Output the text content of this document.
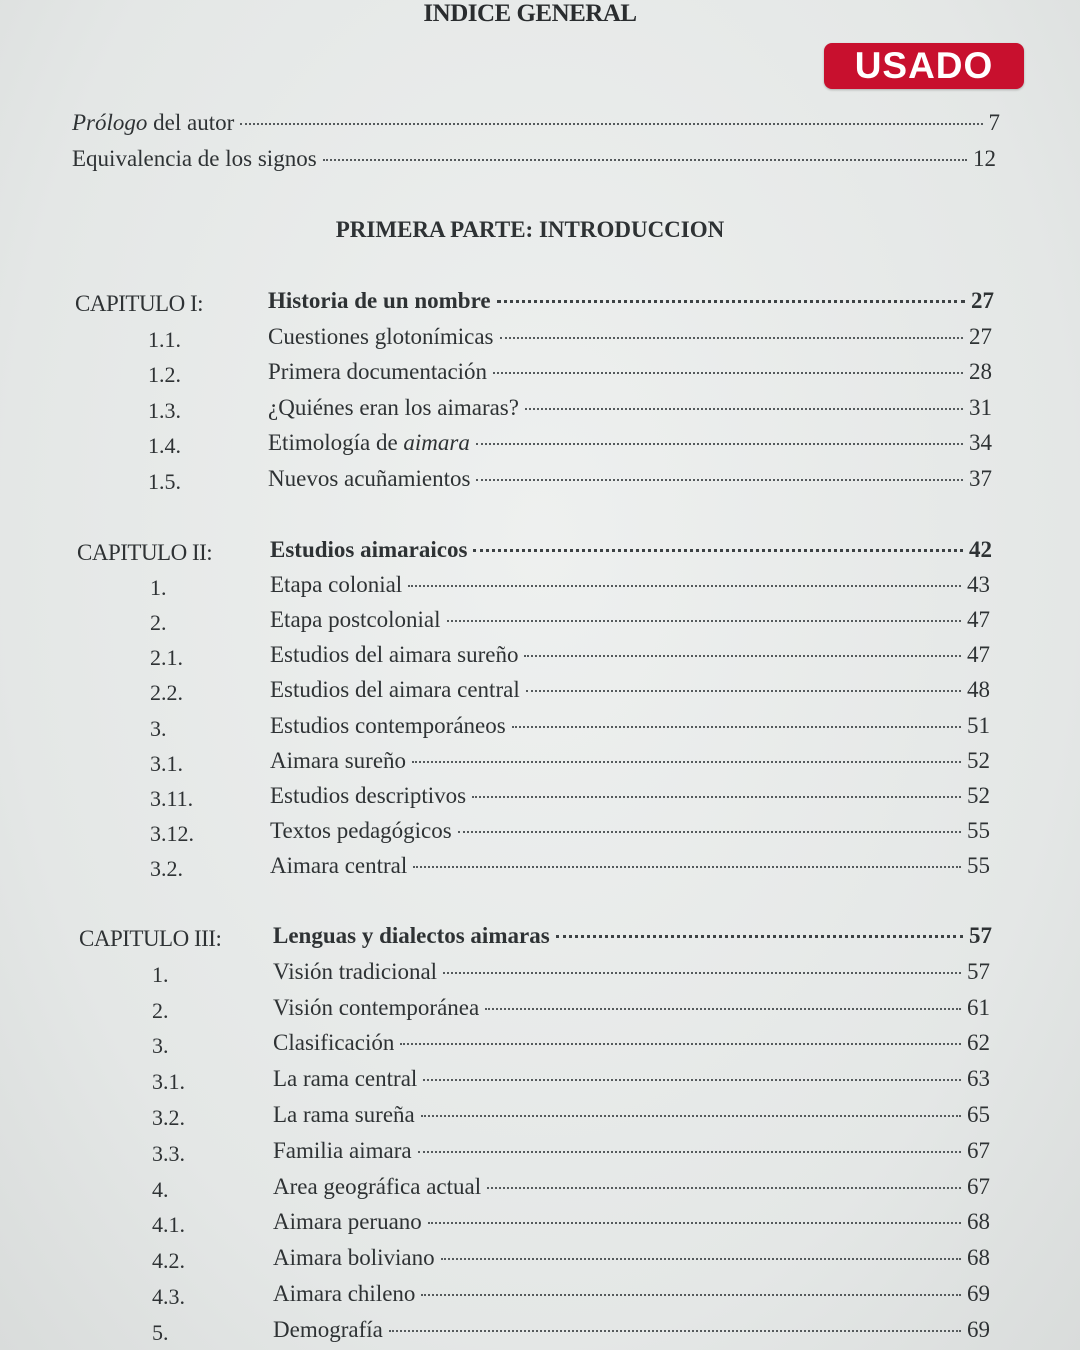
INDICE GENERAL
USADO
Prólogo del autor	7
Equivalencia de los signos	12
PRIMERA PARTE: INTRODUCCION
CAPITULO I:	Historia de un nombre	27
1.1.	Cuestiones glotonímicas	27
1.2.	Primera documentación	28
1.3.	¿Quiénes eran los aimaras?	31
1.4.	Etimología de aimara	34
1.5.	Nuevos acuñamientos	37
CAPITULO II:	Estudios aimaraicos	42
1.	Etapa colonial	43
2.	Etapa postcolonial	47
2.1.	Estudios del aimara sureño	47
2.2.	Estudios del aimara central	48
3.	Estudios contemporáneos	51
3.1.	Aimara sureño	52
3.11.	Estudios descriptivos	52
3.12.	Textos pedagógicos	55
3.2.	Aimara central	55
CAPITULO III: Lenguas y dialectos aimaras	57
1.	Visión tradicional	57
2.	Visión contemporánea	61
3.	Clasificación	62
3.1.	La rama central	63
3.2.	La rama sureña	65
3.3.	Familia aimara	67
4.	Area geográfica actual	67
4.1.	Aimara peruano	68
4.2.	Aimara boliviano	68
4.3.	Aimara chileno	69
5.	Demografía	69
